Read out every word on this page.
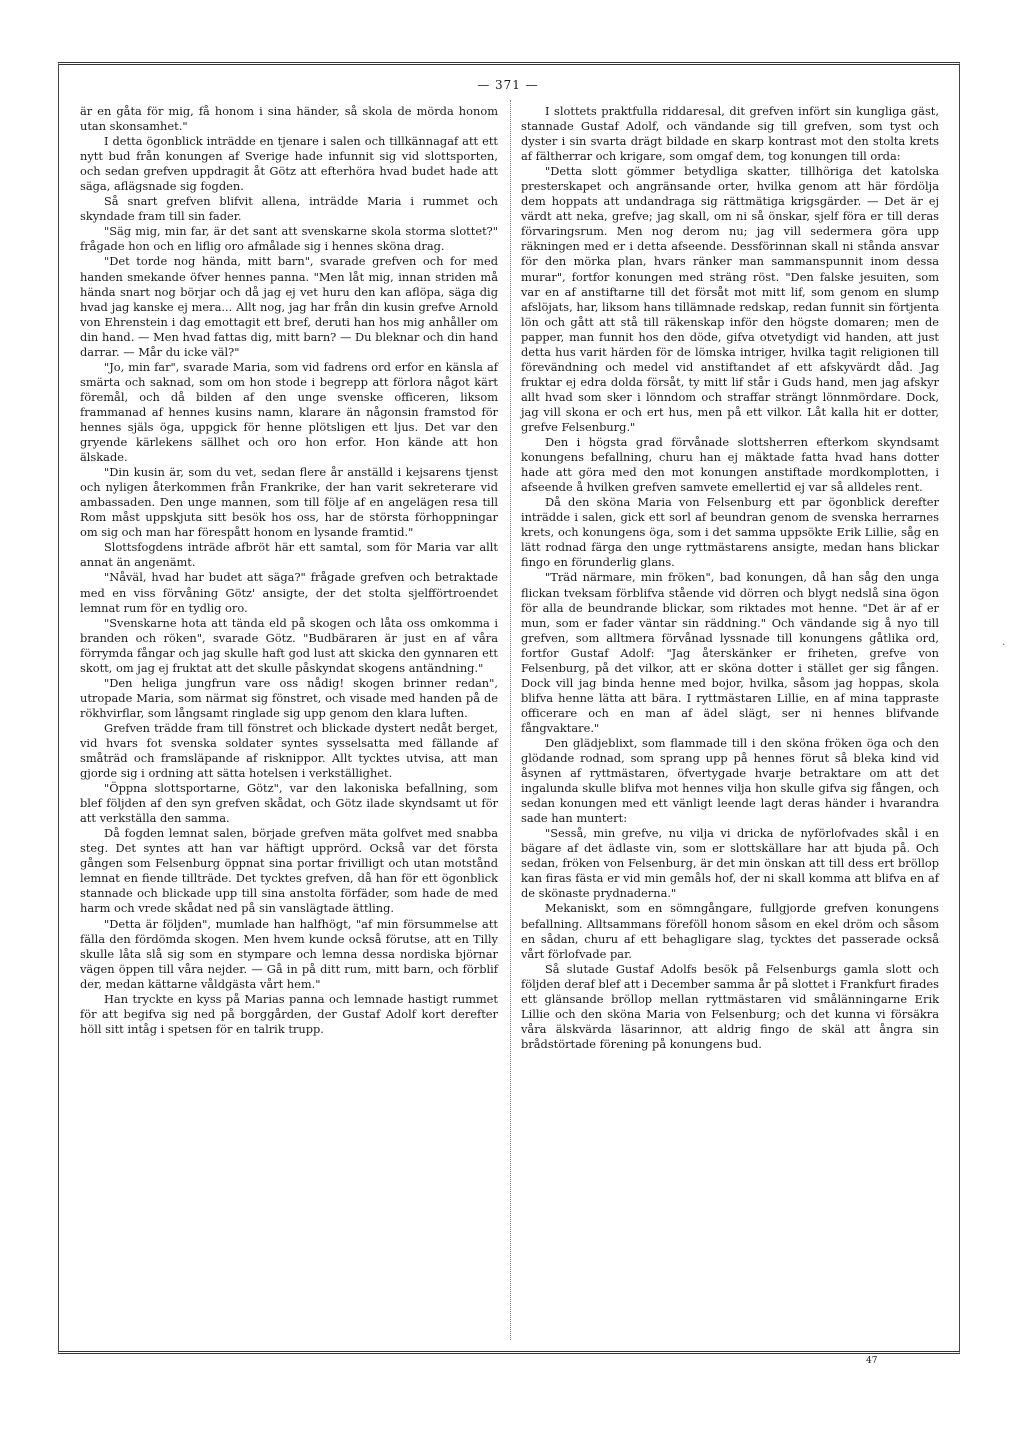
— 371 —

är en gåta för mig, få honom i sina händer, så skola de mörda honom utan skonsamhet."

I detta ögonblick inträdde en tjenare i salen och tillkännagaf att ett nytt bud från konungen af Sverige hade infunnit sig vid slottsporten, och sedan grefven uppdragit åt Götz att efterhöra hvad budet hade att säga, aflägsnade sig fogden.

Så snart grefven blifvit allena, inträdde Maria i rummet och skyndade fram till sin fader.

"Säg mig, min far, är det sant att svenskarne skola storma slottet?" frågade hon och en liflig oro afmålade sig i hennes sköna drag.

"Det torde nog hända, mitt barn", svarade grefven och for med handen smekande öfver hennes panna. "Men låt mig, innan striden må hända snart nog börjar och då jag ej vet huru den kan aflöpa, säga dig hvad jag kanske ej mera... Allt nog, jag har från din kusin grefve Arnold von Ehrenstein i dag emottagit ett bref, deruti han hos mig anhåller om din hand. — Men hvad fattas dig, mitt barn? — Du bleknar och din hand darrar. — Mår du icke väl?"

"Jo, min far", svarade Maria, som vid fadrens ord erfor en känsla af smärta och saknad, som om hon stode i begrepp att förlora något kärt föremål, och då bilden af den unge svenske officeren, liksom frammanad af hennes kusins namn, klarare än någonsin framstod för hennes själs öga, uppgick för henne plötsligen ett ljus. Det var den gryende kärlekens sällhet och oro hon erfor. Hon kände att hon älskade.

"Din kusin är, som du vet, sedan flere år anställd i kejsarens tjenst och nyligen återkommen från Frankrike, der han varit sekreterare vid ambassaden. Den unge mannen, som till följe af en angelägen resa till Rom måst uppskjuta sitt besök hos oss, har de största förhoppningar om sig och man har förespått honom en lysande framtid."

Slottsfogdens inträde afbröt här ett samtal, som för Maria var allt annat än angenämt.

"Nåväl, hvad har budet att säga?" frågade grefven och betraktade med en viss förvåning Götz' ansigte, der det stolta sjelfförtroendet lemnat rum för en tydlig oro.

"Svenskarne hota att tända eld på skogen och låta oss omkomma i branden och röken", svarade Götz. "Budbäraren är just en af våra förrymda fångar och jag skulle haft god lust att skicka den gynnaren ett skott, om jag ej fruktat att det skulle påskyndat skogens antändning."

"Den heliga jungfrun vare oss nådig! skogen brinner redan", utropade Maria, som närmat sig fönstret, och visade med handen på de rökhvirflar, som långsamt ringlade sig upp genom den klara luften.

Grefven trädde fram till fönstret och blickade dystert nedåt berget, vid hvars fot svenska soldater syntes sysselsatta med fällande af småträd och framsläpande af risknippor. Allt tycktes utvisa, att man gjorde sig i ordning att sätta hotelsen i verkställighet.

"Öppna slottsportarne, Götz", var den lakoniska befallning, som blef följden af den syn grefven skådat, och Götz ilade skyndsamt ut för att verkställa den samma.

Då fogden lemnat salen, började grefven mäta golfvet med snabba steg. Det syntes att han var häftigt upprörd. Också var det första gången som Felsenburg öppnat sina portar frivilligt och utan motstånd lemnat en fiende tillträde. Det tycktes grefven, då han för ett ögonblick stannade och blickade upp till sina anstolta förfäder, som hade de med harm och vrede skådat ned på sin vanslägtade ättling.

"Detta är följden", mumlade han halfhögt, "af min försummelse att fälla den fördömda skogen. Men hvem kunde också förutse, att en Tilly skulle låta slå sig som en stympare och lemna dessa nordiska björnar vägen öppen till våra nejder. — Gå in på ditt rum, mitt barn, och förblif der, medan kättarne våldgästa vårt hem."

Han tryckte en kyss på Marias panna och lemnade hastigt rummet för att begifva sig ned på borggården, der Gustaf Adolf kort derefter höll sitt intåg i spetsen för en talrik trupp.

I slottets praktfulla riddaresal, dit grefven infört sin kungliga gäst, stannade Gustaf Adolf, och vändande sig till grefven, som tyst och dyster i sin svarta drägt bildade en skarp kontrast mot den stolta krets af fältherrar och krigare, som omgaf dem, tog konungen till orda:

"Detta slott gömmer betydliga skatter, tillhöriga det katolska presterskapet och angränsande orter, hvilka genom att här fördölja dem hoppats att undandraga sig rättmätiga krigsgärder. — Det är ej värdt att neka, grefve; jag skall, om ni så önskar, sjelf föra er till deras förvaringsrum. Men nog derom nu; jag vill sedermera göra upp räkningen med er i detta afseende. Dessförinnan skall ni stånda ansvar för den mörka plan, hvars ränker man sammanspunnit inom dessa murar", fortfor konungen med sträng röst. "Den falske jesuiten, som var en af anstiftarne till det försåt mot mitt lif, som genom en slump afslöjats, har, liksom hans tillämnade redskap, redan funnit sin förtjenta lön och gått att stå till räkenskap inför den högste domaren; men de papper, man funnit hos den döde, gifva otvetydigt vid handen, att just detta hus varit härden för de lömska intriger, hvilka tagit religionen till förevändning och medel vid anstiftandet af ett afskyvärdt dåd. Jag fruktar ej edra dolda försåt, ty mitt lif står i Guds hand, men jag afskyr allt hvad som sker i lönndom och straffar strängt lönnmördare. Dock, jag vill skona er och ert hus, men på ett vilkor. Låt kalla hit er dotter, grefve Felsenburg."

Den i högsta grad förvånade slottsherren efterkom skyndsamt konungens befallning, churu han ej mäktade fatta hvad hans dotter hade att göra med den mot konungen anstiftade mordkomplotten, i afseende å hvilken grefven samvete emellertid ej var så alldeles rent.

Då den sköna Maria von Felsenburg ett par ögonblick derefter inträdde i salen, gick ett sorl af beundran genom de svenska herrarnes krets, och konungens öga, som i det samma uppsökte Erik Lillie, såg en lätt rodnad färga den unge ryttmästarens ansigte, medan hans blickar fingo en förunderlig glans.

"Träd närmare, min fröken", bad konungen, då han såg den unga flickan tveksam förblifva stående vid dörren och blygt nedslå sina ögon för alla de beundrande blickar, som riktades mot henne. "Det är af er mun, som er fader väntar sin räddning." Och vändande sig å nyo till grefven, som alltmera förvånad lyssnade till konungens gåtlika ord, fortfor Gustaf Adolf: "Jag återskänker er friheten, grefve von Felsenburg, på det vilkor, att er sköna dotter i stället ger sig fången. Dock vill jag binda henne med bojor, hvilka, såsom jag hoppas, skola blifva henne lätta att bära. I ryttmästaren Lillie, en af mina tappraste officerare och en man af ädel slägt, ser ni hennes blifvande fångvaktare."

Den glädjeblixt, som flammade till i den sköna fröken öga och den glödande rodnad, som sprang upp på hennes förut så bleka kind vid åsynen af ryttmästaren, öfvertygade hvarje betraktare om att det ingalunda skulle blifva mot hennes vilja hon skulle gifva sig fången, och sedan konungen med ett vänligt leende lagt deras händer i hvarandra sade han muntert:

"Sesså, min grefve, nu vilja vi dricka de nyförlofvades skål i en bägare af det ädlaste vin, som er slottskällare har att bjuda på. Och sedan, fröken von Felsenburg, är det min önskan att till dess ert bröllop kan firas fästa er vid min gemåls hof, der ni skall komma att blifva en af de skönaste prydnaderna."

Mekaniskt, som en sömngångare, fullgjorde grefven konungens befallning. Alltsammans föreföll honom såsom en ekel dröm och såsom en sådan, churu af ett behagligare slag, tycktes det passerade också vårt förlofvade par.

Så slutade Gustaf Adolfs besök på Felsenburgs gamla slott och följden deraf blef att i December samma år på slottet i Frankfurt firades ett glänsande bröllop mellan ryttmästaren vid smålänningarne Erik Lillie och den sköna Maria von Felsenburg; och det kunna vi försäkra våra älskvärda läsarinnor, att aldrig fingo de skäl att ångra sin brådstörtade förening på konungens bud.

47
·
